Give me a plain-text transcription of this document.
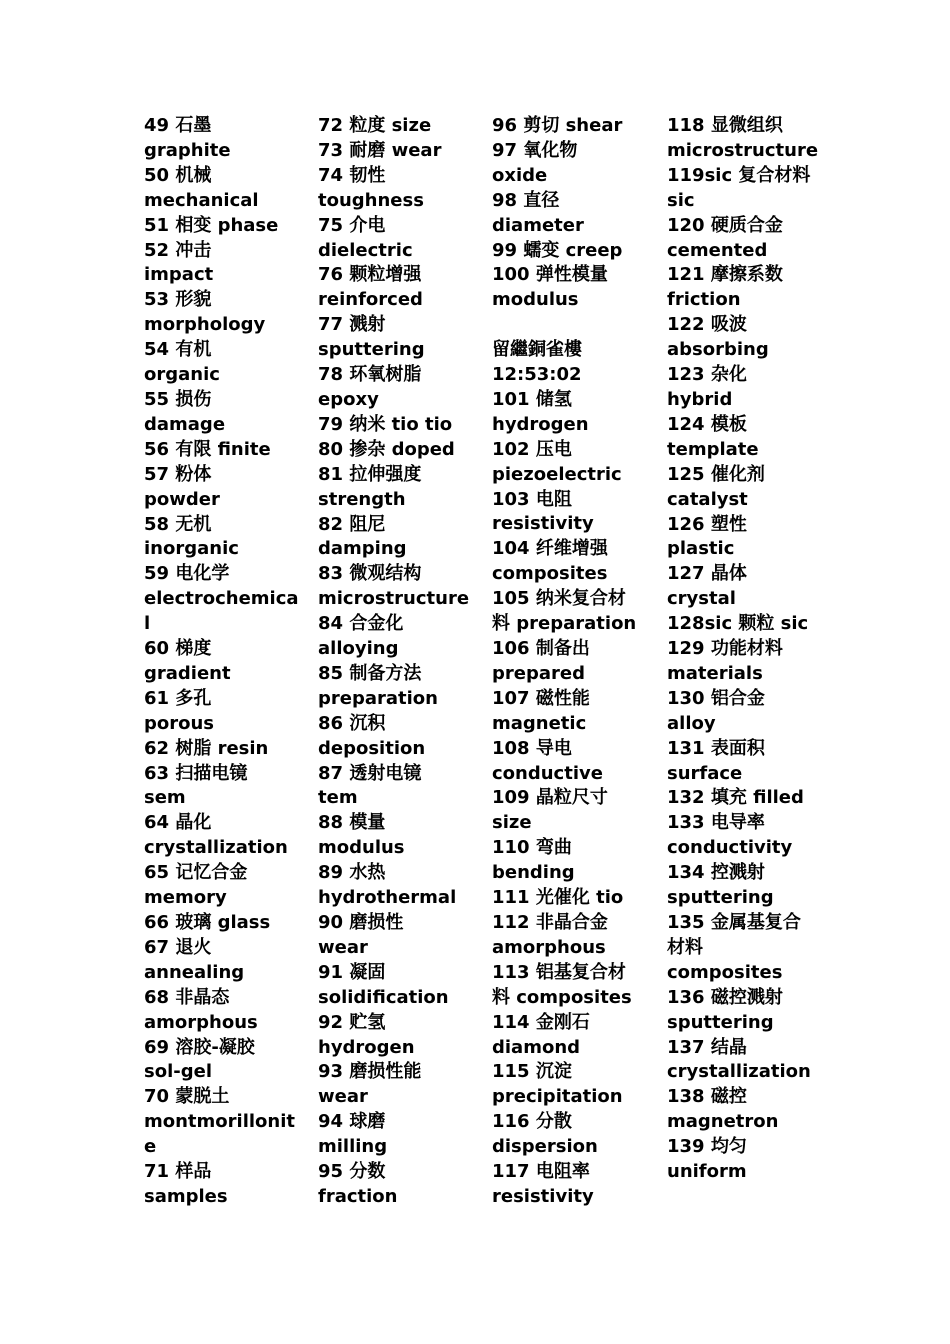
49 石墨
graphite
50 机械
mechanical
51 相变 phase
52 冲击
impact
53 形貌
morphology
54 有机
organic
55 损伤
damage
56 有限 finite
57 粉体
powder
58 无机
inorganic
59 电化学
electrochemica
l
60 梯度
gradient
61 多孔
porous
62 树脂 resin
63 扫描电镜
sem
64 晶化
crystallization
65 记忆合金
memory
66 玻璃 glass
67 退火
annealing
68 非晶态
amorphous
69 溶胶-凝胶
sol-gel
70 蒙脱土
montmorillonit
e
71 样品
samples
72 粒度 size
73 耐磨 wear
74 韧性
toughness
75 介电
dielectric
76 颗粒增强
reinforced
77 溅射
sputtering
78 环氧树脂
epoxy
79 纳米 tio tio
80 掺杂 doped
81 拉伸强度
strength
82 阻尼
damping
83 微观结构
microstructure
84 合金化
alloying
85 制备方法
preparation
86 沉积
deposition
87 透射电镜
tem
88 模量
modulus
89 水热
hydrothermal
90 磨损性
wear
91 凝固
solidification
92 贮氢
hydrogen
93 磨损性能
wear
94 球磨
milling
95 分数
fraction
96 剪切 shear
97 氧化物
oxide
98 直径
diameter
99 蠕变 creep
100 弹性模量
modulus
留繼銅雀樓
12:53:02
101 储氢
hydrogen
102 压电
piezoelectric
103 电阻
resistivity
104 纤维增强
composites
105 纳米复合材
料 preparation
106 制备出
prepared
107 磁性能
magnetic
108 导电
conductive
109 晶粒尺寸
size
110 弯曲
bending
111 光催化 tio
112 非晶合金
amorphous
113 铝基复合材
料 composites
114 金刚石
diamond
115 沉淀
precipitation
116 分散
dispersion
117 电阻率
resistivity
118 显微组织
microstructure
119sic 复合材料
sic
120 硬质合金
cemented
121 摩擦系数
friction
122 吸波
absorbing
123 杂化
hybrid
124 模板
template
125 催化剂
catalyst
126 塑性
plastic
127 晶体
crystal
128sic 颗粒 sic
129 功能材料
materials
130 铝合金
alloy
131 表面积
surface
132 填充 filled
133 电导率
conductivity
134 控溅射
sputtering
135 金属基复合
材料
composites
136 磁控溅射
sputtering
137 结晶
crystallization
138 磁控
magnetron
139 均匀
uniform
